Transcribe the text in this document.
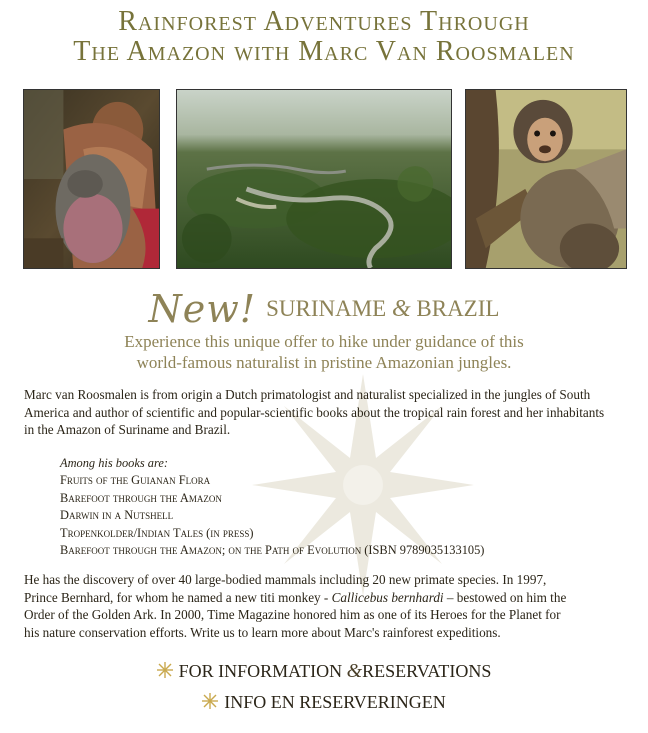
Rainforest Adventures Through
The Amazon with Marc Van Roosmalen
New! SURINAME & BRAZIL
Experience this unique offer to hike under guidance of this
world-famous naturalist in pristine Amazonian jungles.
Marc van Roosmalen is from origin a Dutch primatologist and naturalist specialized in the jungles of South
America and author of scientific and popular-scientific books about the tropical rain forest and her inhabitants
in the Amazon of Suriname and Brazil.
Among his books are:
Fruits of the Guianan Flora
Barefoot through the Amazon
Darwin in a Nutshell
Tropenkolder/Indian Tales (in press)
Barefoot through the Amazon; on the Path of Evolution (ISBN 9789035133105)
He has the discovery of over 40 large-bodied mammals including 20 new primate species. In 1997,
Prince Bernhard, for whom he named a new titi monkey - Callicebus bernhardi – bestowed on him the
Order of the Golden Ark. In 2000, Time Magazine honored him as one of its Heroes for the Planet for
his nature conservation efforts. Write us to learn more about Marc's rainforest expeditions.
FOR INFORMATION &RESERVATIONS
INFO EN RESERVERINGEN
